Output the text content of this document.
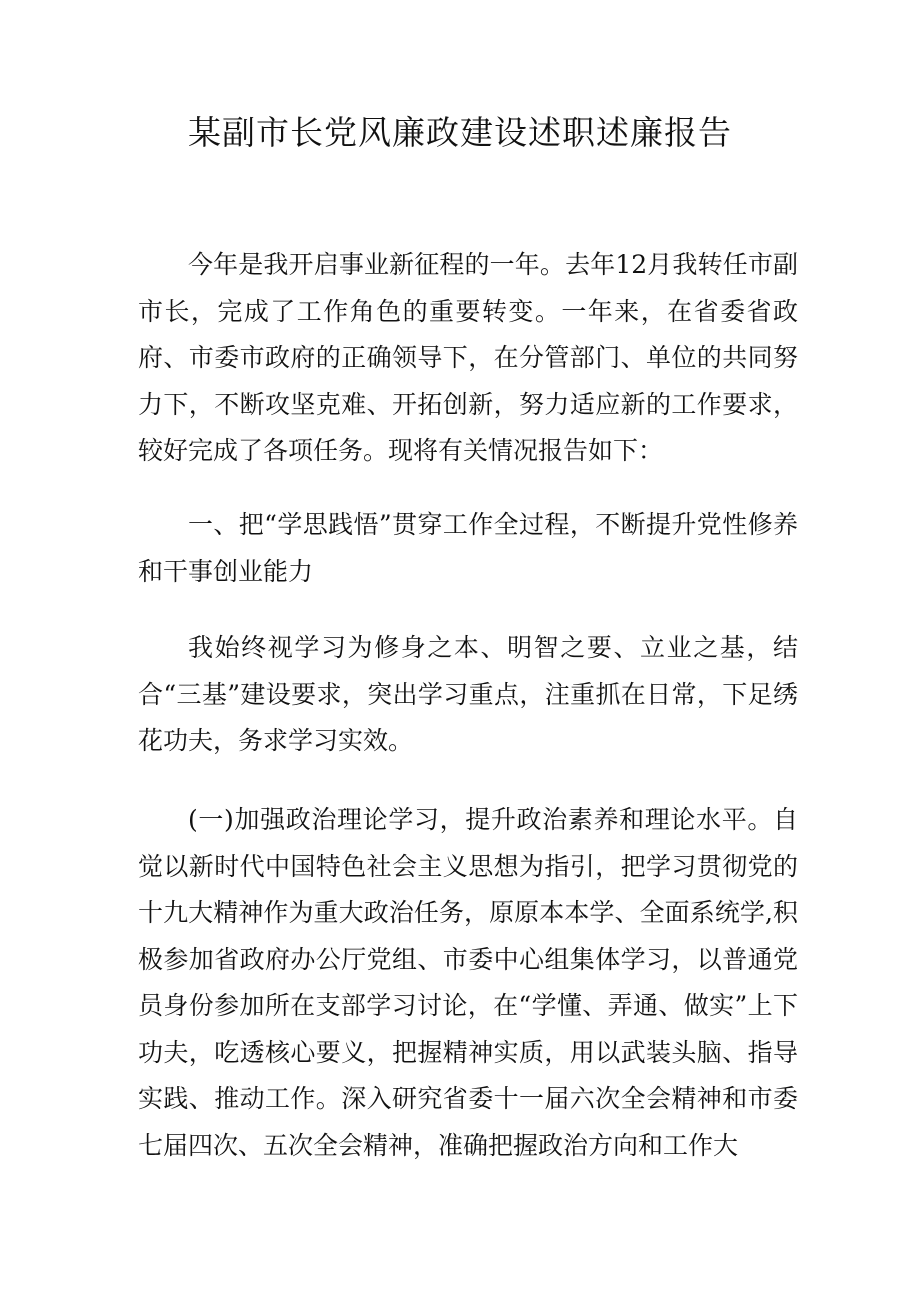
某副市长党风廉政建设述职述廉报告

今年是我开启事业新征程的一年。去年12月我转任市副市长，完成了工作角色的重要转变。一年来，在省委省政府、市委市政府的正确领导下，在分管部门、单位的共同努力下，不断攻坚克难、开拓创新，努力适应新的工作要求，较好完成了各项任务。现将有关情况报告如下：

一、把“学思践悟”贯穿工作全过程，不断提升党性修养和干事创业能力

我始终视学习为修身之本、明智之要、立业之基，结合“三基”建设要求，突出学习重点，注重抓在日常，下足绣花功夫，务求学习实效。

(一)加强政治理论学习，提升政治素养和理论水平。自觉以新时代中国特色社会主义思想为指引，把学习贯彻党的十九大精神作为重大政治任务，原原本本学、全面系统学,积极参加省政府办公厅党组、市委中心组集体学习，以普通党员身份参加所在支部学习讨论，在“学懂、弄通、做实”上下功夫，吃透核心要义，把握精神实质，用以武装头脑、指导实践、推动工作。深入研究省委十一届六次全会精神和市委七届四次、五次全会精神，准确把握政治方向和工作大
